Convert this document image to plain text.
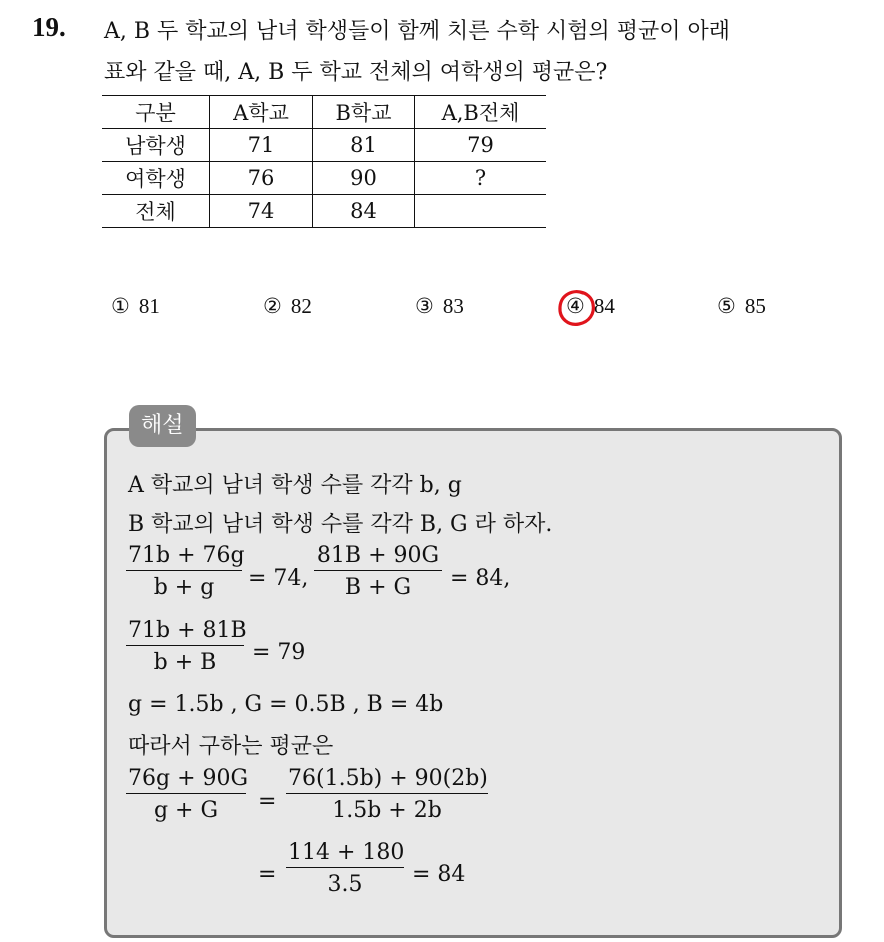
19. A, B 두 학교의 남녀 학생들이 함께 치른 수학 시험의 평균이 아래
표와 같을 때, A, B 두 학교 전체의 여학생의 평균은?
구분	A학교	B학교	A,B전체
남학생	71	81	79
여학생	76	90	?
전체	74	84	
① 81	② 82	③ 83	④ 84	⑤ 85
해설
A 학교의 남녀 학생 수를 각각 b, g
B 학교의 남녀 학생 수를 각각 B, G 라 하자.
$\frac{71b + 76g}{b + g} = 74$, $\frac{81B + 90G}{B + G} = 84$,
$\frac{71b + 81B}{b + B} = 79$
g = 1.5b , G = 0.5B , B = 4b
따라서 구하는 평균은
$\frac{76g + 90G}{g + G} = \frac{76(1.5b) + 90(2b)}{1.5b + 2b}$
= $\frac{114 + 180}{3.5} = 84$
